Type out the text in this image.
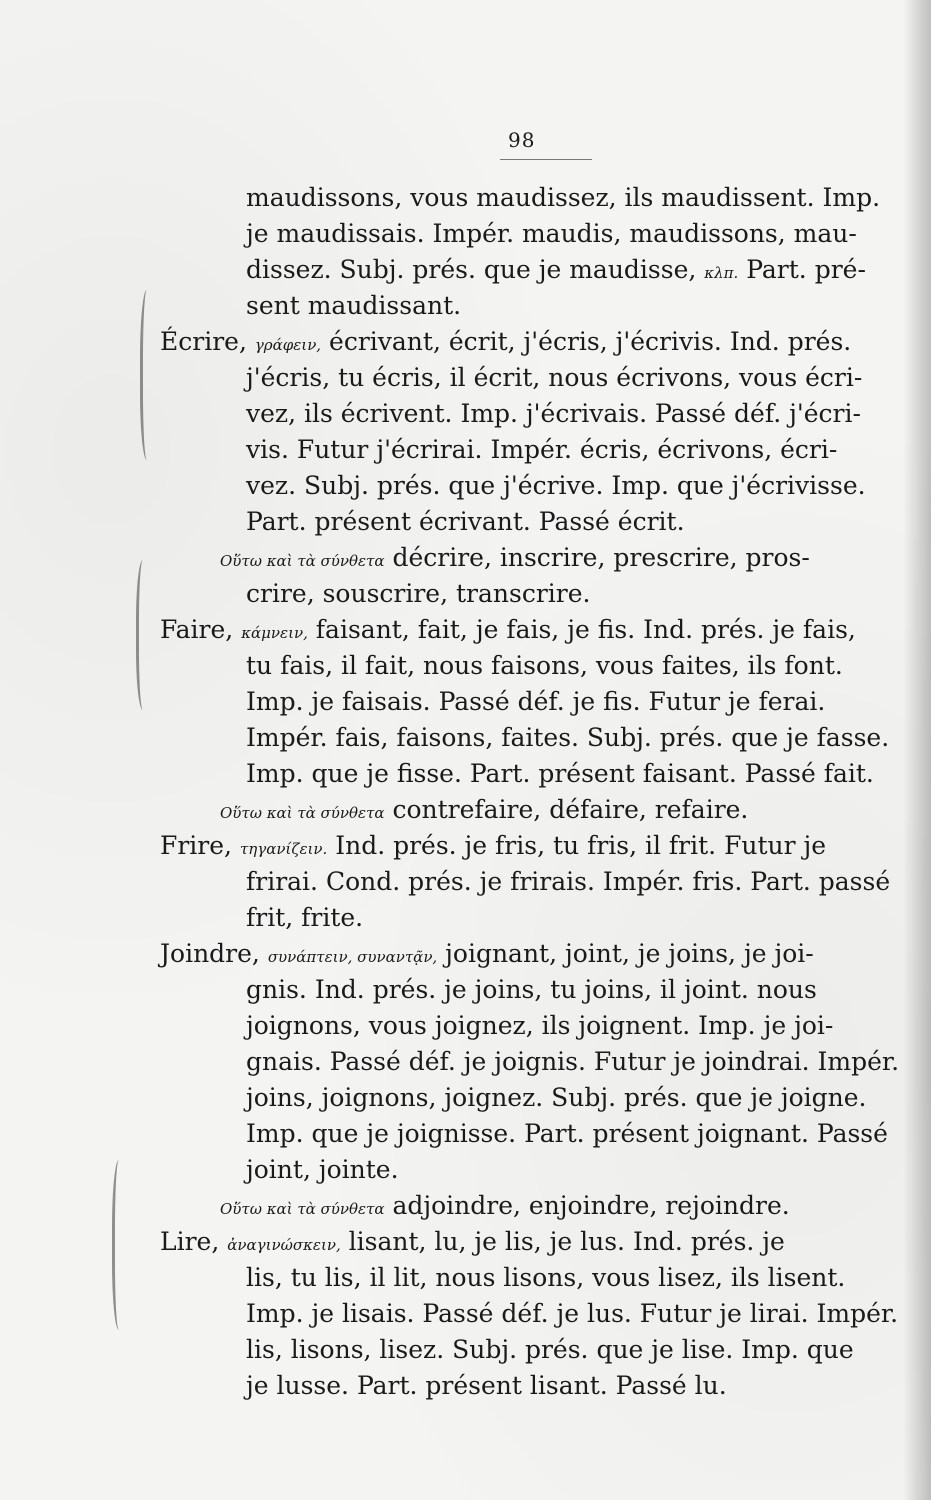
98
maudissons, vous maudissez, ils maudissent. Imp.
je maudissais. Impér. maudis, maudissons, mau-
dissez. Subj. prés. que je maudisse, κλπ. Part. pré-
sent maudissant.
Écrire, γράφειν, écrivant, écrit, j'écris, j'écrivis. Ind. prés.
j'écris, tu écris, il écrit, nous écrivons, vous écri-
vez, ils écrivent. Imp. j'écrivais. Passé déf. j'écri-
vis. Futur j'écrirai. Impér. écris, écrivons, écri-
vez. Subj. prés. que j'écrive. Imp. que j'écrivisse.
Part. présent écrivant. Passé écrit.
Οὕτω καὶ τὰ σύνθετα décrire, inscrire, prescrire, pros-
crire, souscrire, transcrire.
Faire, κάμνειν, faisant, fait, je fais, je fis. Ind. prés. je fais,
tu fais, il fait, nous faisons, vous faites, ils font.
Imp. je faisais. Passé déf. je fis. Futur je ferai.
Impér. fais, faisons, faites. Subj. prés. que je fasse.
Imp. que je fisse. Part. présent faisant. Passé fait.
Οὕτω καὶ τὰ σύνθετα contrefaire, défaire, refaire.
Frire, τηγανίζειν. Ind. prés. je fris, tu fris, il frit. Futur je
frirai. Cond. prés. je frirais. Impér. fris. Part. passé
frit, frite.
Joindre, συνάπτειν, συναντᾷν, joignant, joint, je joins, je joi-
gnis. Ind. prés. je joins, tu joins, il joint. nous
joignons, vous joignez, ils joignent. Imp. je joi-
gnais. Passé déf. je joignis. Futur je joindrai. Impér.
joins, joignons, joignez. Subj. prés. que je joigne.
Imp. que je joignisse. Part. présent joignant. Passé
joint, jointe.
Οὕτω καὶ τὰ σύνθετα adjoindre, enjoindre, rejoindre.
Lire, ἀναγινώσκειν, lisant, lu, je lis, je lus. Ind. prés. je
lis, tu lis, il lit, nous lisons, vous lisez, ils lisent.
Imp. je lisais. Passé déf. je lus. Futur je lirai. Impér.
lis, lisons, lisez. Subj. prés. que je lise. Imp. que
je lusse. Part. présent lisant. Passé lu.
